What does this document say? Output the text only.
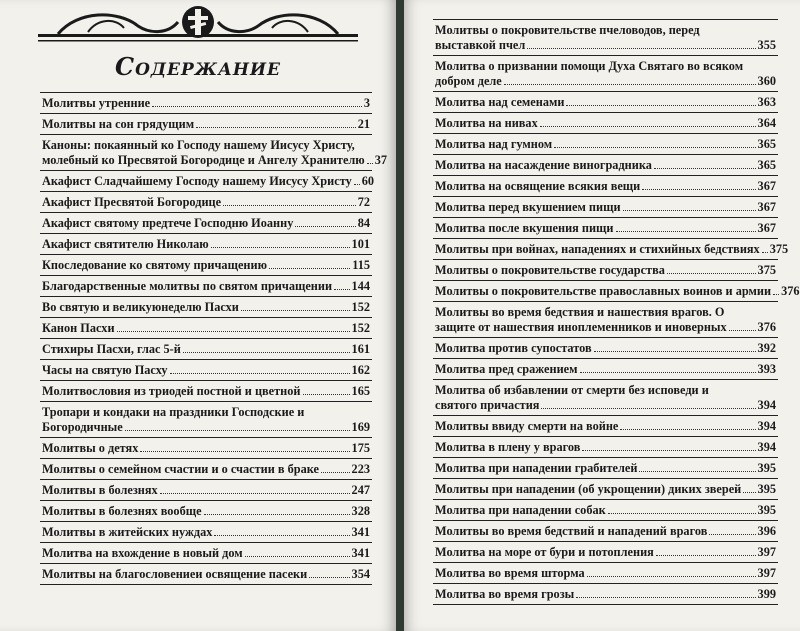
Содержание
Молитвы утренние	3
Молитвы на сон грядущим	21
Каноны: покаянный ко Господу нашему Иисусу Христу,
молебный ко Пресвятой Богородице и Ангелу Хранителю 37
Акафист Сладчайшему Господу нашему Иисусу Христу 60
Акафист Пресвятой Богородице	72
Акафист святому предтече Господню Иоанну	84
Акафист святителю Николаю	101
Кпоследование ко святому причащению	115
Благодарственные молитвы по святом причащении 144
Во святую и великуюнеделю Пасхи	152
Канон Пасхи	152
Стихиры Пасхи, глас 5-й	161
Часы на святую Пасху	162
Молитвословия из триодей постной и цветной	165
Тропари и кондаки на праздники Господские и
Богородичные	169
Молитвы о детях	175
Молитвы о семейном счастии и о счастии в браке	223
Молитвы в болезнях	247
Молитвы в болезнях вообще	328
Молитвы в житейских нуждах	341
Молитва на вхождение в новый дом	341
Молитвы на благословениеи освящение пасеки	354
Молитвы о покровительстве пчеловодов, перед
выставкой пчел	355
Молитва о призвании помощи Духа Святаго во всяком
добром деле	360
Молитва над семенами	363
Молитва на нивах	364
Молитва над гумном	365
Молитва на насаждение виноградника	365
Молитва на освящение всякия вещи	367
Молитва перед вкушением пищи	367
Молитва после вкушения пищи	367
Молитвы при войнах, нападениях и стихийных бедствиях 375
Молитвы о покровительстве государства	375
Молитвы о покровительстве православных воинов и армии 376
Молитвы во время бедствия и нашествия врагов. О
защите от нашествия иноплеменников и иноверных	376
Молитва против супостатов	392
Молитва пред сражением	393
Молитва об избавлении от смерти без исповеди и
святого причастия	394
Молитвы ввиду смерти на войне	394
Молитва в плену у врагов	394
Молитва при нападении грабителей	395
Молитвы при нападении (об укрощении) диких зверей 395
Молитва при нападении собак	395
Молитвы во время бедствий и нападений врагов	396
Молитва на море от бури и потопления	397
Молитва во время шторма	397
Молитва во время грозы	399
